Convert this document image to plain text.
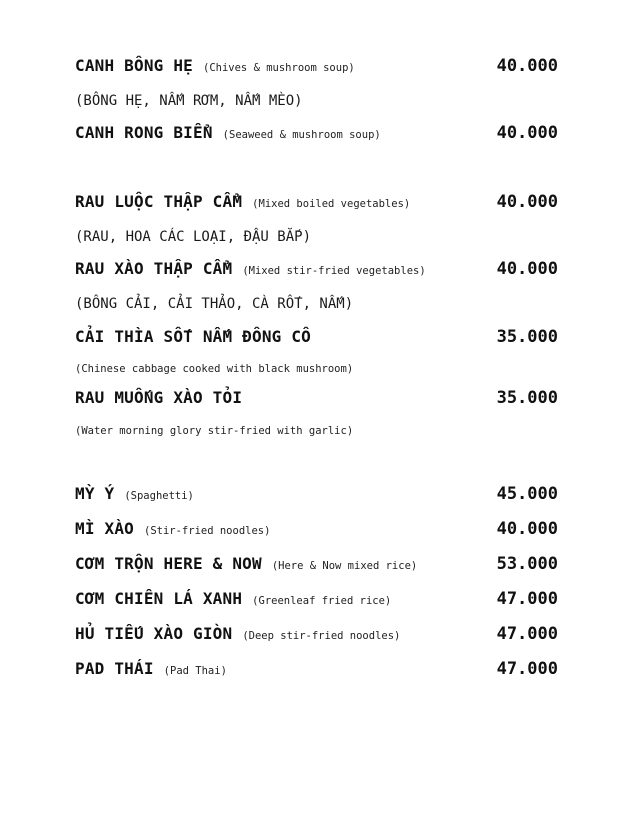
CANH BÔNG HẸ (Chives & mushroom soup)	40.000
(BÔNG HẸ, NẤM RƠM, NẤM MÈO)
CANH RONG BIỂN (Seaweed & mushroom soup)	40.000
RAU LUỘC THẬP CẨM (Mixed boiled vegetables)	40.000
(RAU, HOA CÁC LOẠI, ĐẬU BẮP)
RAU XÀO THẬP CẨM (Mixed stir-fried vegetables)	40.000
(BÔNG CẢI, CẢI THẢO, CÀ RỐT, NẤM)
CẢI THÌA SỐT NẤM ĐÔNG CÔ	35.000
(Chinese cabbage cooked with black mushroom)
RAU MUỐNG XÀO TỎI	35.000
(Water morning glory stir-fried with garlic)
MỲ Ý (Spaghetti)	45.000
MÌ XÀO (Stir-fried noodles)	40.000
CƠM TRỘN HERE & NOW (Here & Now mixed rice)	53.000
CƠM CHIÊN LÁ XANH (Greenleaf fried rice)	47.000
HỦ TIẾU XÀO GIÒN (Deep stir-fried noodles)	47.000
PAD THÁI (Pad Thai)	47.000
